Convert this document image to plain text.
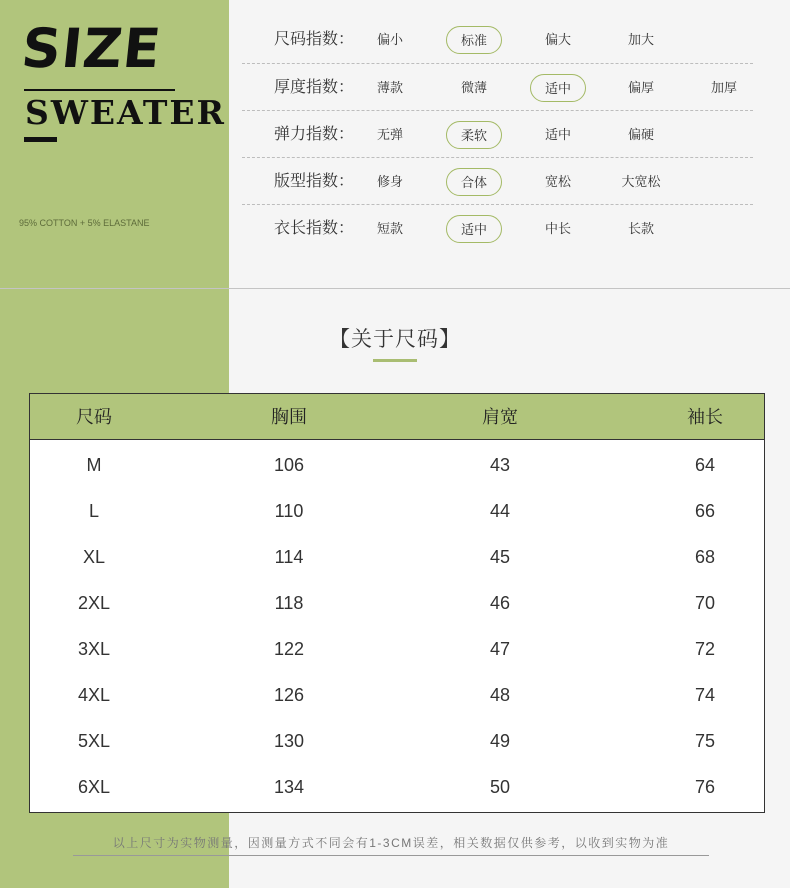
SIZE
SWEATER
95% COTTON + 5% ELASTANE
尺码指数：	偏小	标准	偏大	加大
厚度指数：	薄款	微薄	适中	偏厚	加厚
弹力指数：	无弹	柔软	适中	偏硬
版型指数：	修身	合体	宽松	大宽松
衣长指数：	短款	适中	中长	长款
【关于尺码】
尺码	胸围	肩宽	袖长
M	106	43	64
L	110	44	66
XL	114	45	68
2XL	118	46	70
3XL	122	47	72
4XL	126	48	74
5XL	130	49	75
6XL	134	50	76
以上尺寸为实物测量，因测量方式不同会有1-3CM误差，相关数据仅供参考，以收到实物为准
